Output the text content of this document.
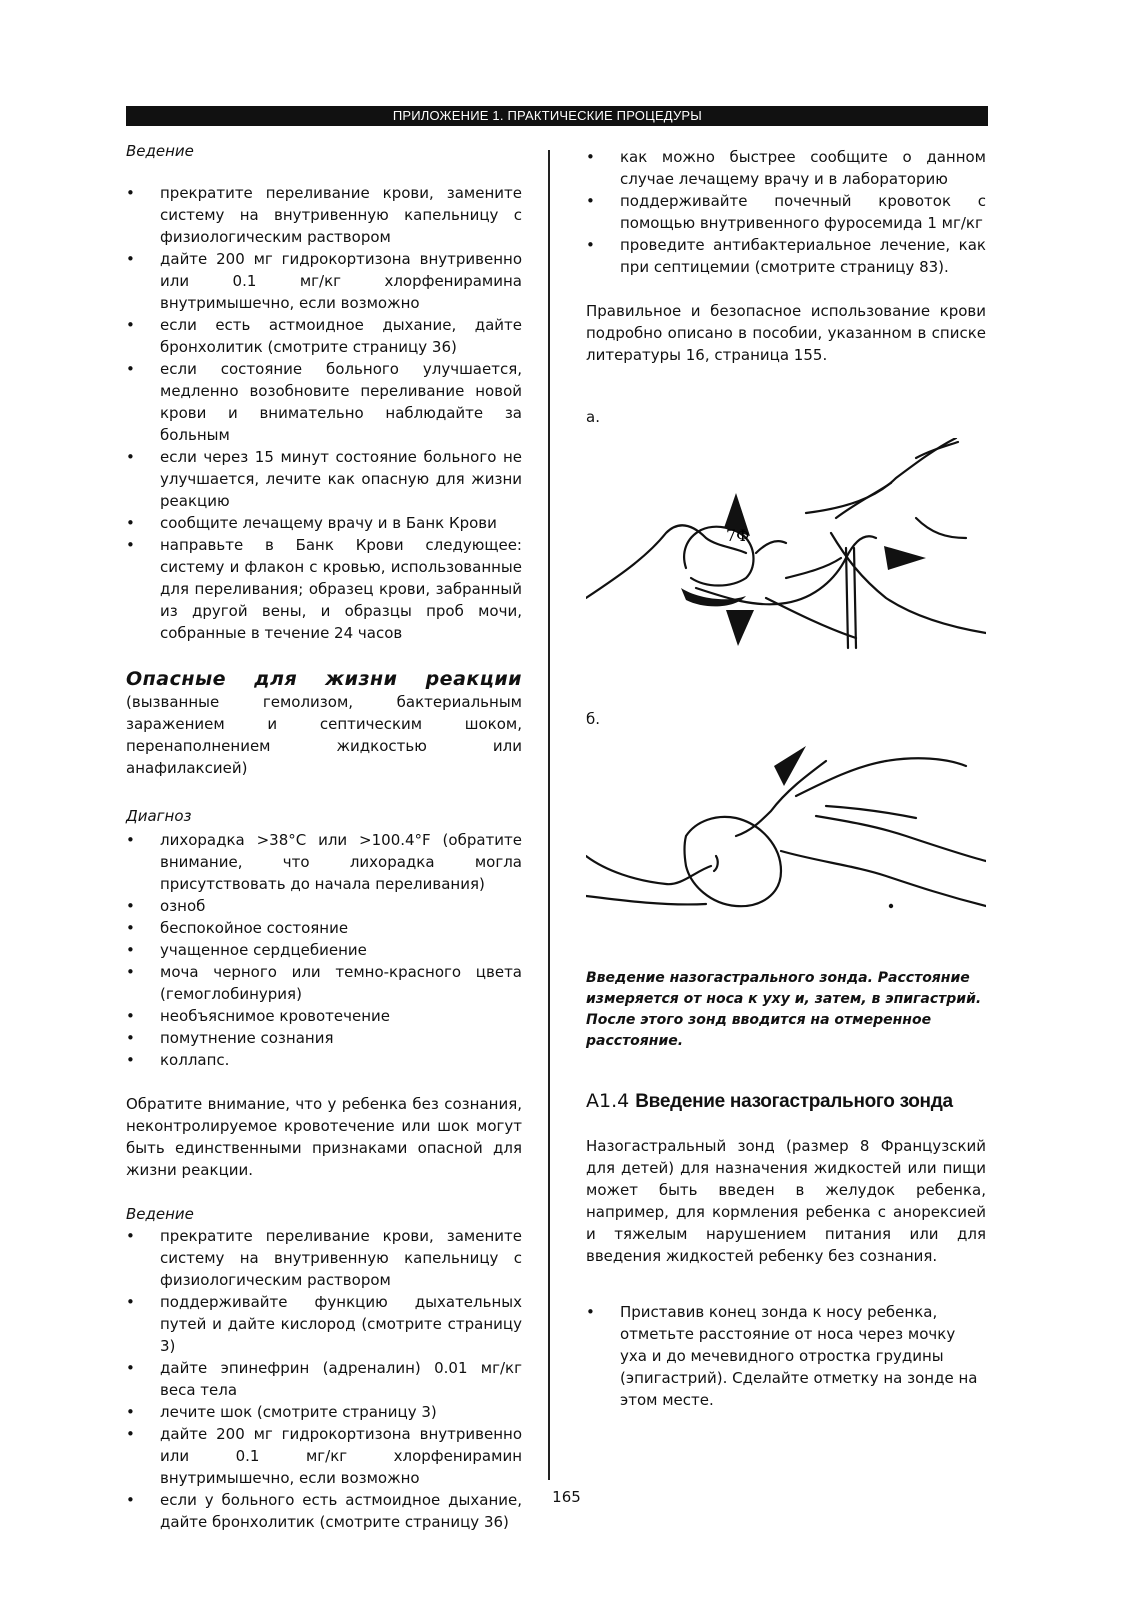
ПРИЛОЖЕНИЕ 1. ПРАКТИЧЕСКИЕ ПРОЦЕДУРЫ
Ведение
• прекратите переливание крови, замените систему на внутривенную капельницу с физиологическим раствором
• дайте 200 мг гидрокортизона внутривенно или 0.1 мг/кг хлорфенирамина внутримышечно, если возможно
• если есть астмоидное дыхание, дайте бронхолитик (смотрите страницу 36)
• если состояние больного улучшается, медленно возобновите переливание новой крови и внимательно наблюдайте за больным
• если через 15 минут состояние больного не улучшается, лечите как опасную для жизни реакцию
• сообщите лечащему врачу и в Банк Крови
• направьте в Банк Крови следующее: систему и флакон с кровью, использованные для переливания; образец крови, забранный из другой вены, и образцы проб мочи, собранные в течение 24 часов

Опасные для жизни реакции (вызванные гемолизом, бактериальным заражением и септическим шоком, перенаполнением жидкостью или анафилаксией)

Диагноз
• лихорадка >38°C или >100.4°F (обратите внимание, что лихорадка могла присутствовать до начала переливания)
• озноб
• беспокойное состояние
• учащенное сердцебиение
• моча черного или темно-красного цвета (гемоглобинурия)
• необъяснимое кровотечение
• помутнение сознания
• коллапс.

Обратите внимание, что у ребенка без сознания, неконтролируемое кровотечение или шок могут быть единственными признаками опасной для жизни реакции.

Ведение
• прекратите переливание крови, замените систему на внутривенную капельницу с физиологическим раствором
• поддерживайте функцию дыхательных путей и дайте кислород (смотрите страницу 3)
• дайте эпинефрин (адреналин) 0.01 мг/кг веса тела
• лечите шок (смотрите страницу 3)
• дайте 200 мг гидрокортизона внутривенно или 0.1 мг/кг хлорфенирамин внутримышечно, если возможно
• если у больного есть астмоидное дыхание, дайте бронхолитик (смотрите страницу 36)
• как можно быстрее сообщите о данном случае лечащему врачу и в лабораторию
• поддерживайте почечный кровоток с помощью внутривенного фуросемида 1 мг/кг
• проведите антибактериальное лечение, как при септицемии (смотрите страницу 83).

Правильное и безопасное использование крови подробно описано в пособии, указанном в списке литературы 16, страница 155.

а.
7Ф
б.

Введение назогастрального зонда. Расстояние измеряется от носа к уху и, затем, в эпигастрий. После этого зонд вводится на отмеренное расстояние.

A1.4 Введение назогастрального зонда

Назогастральный зонд (размер 8 Французский для детей) для назначения жидкостей или пищи может быть введен в желудок ребенка, например, для кормления ребенка с анорексией и тяжелым нарушением питания или для введения жидкостей ребенку без сознания.

• Приставив конец зонда к носу ребенка, отметьте расстояние от носа через мочку уха и до мечевидного отростка грудины (эпигастрий). Сделайте отметку на зонде на этом месте.
165
